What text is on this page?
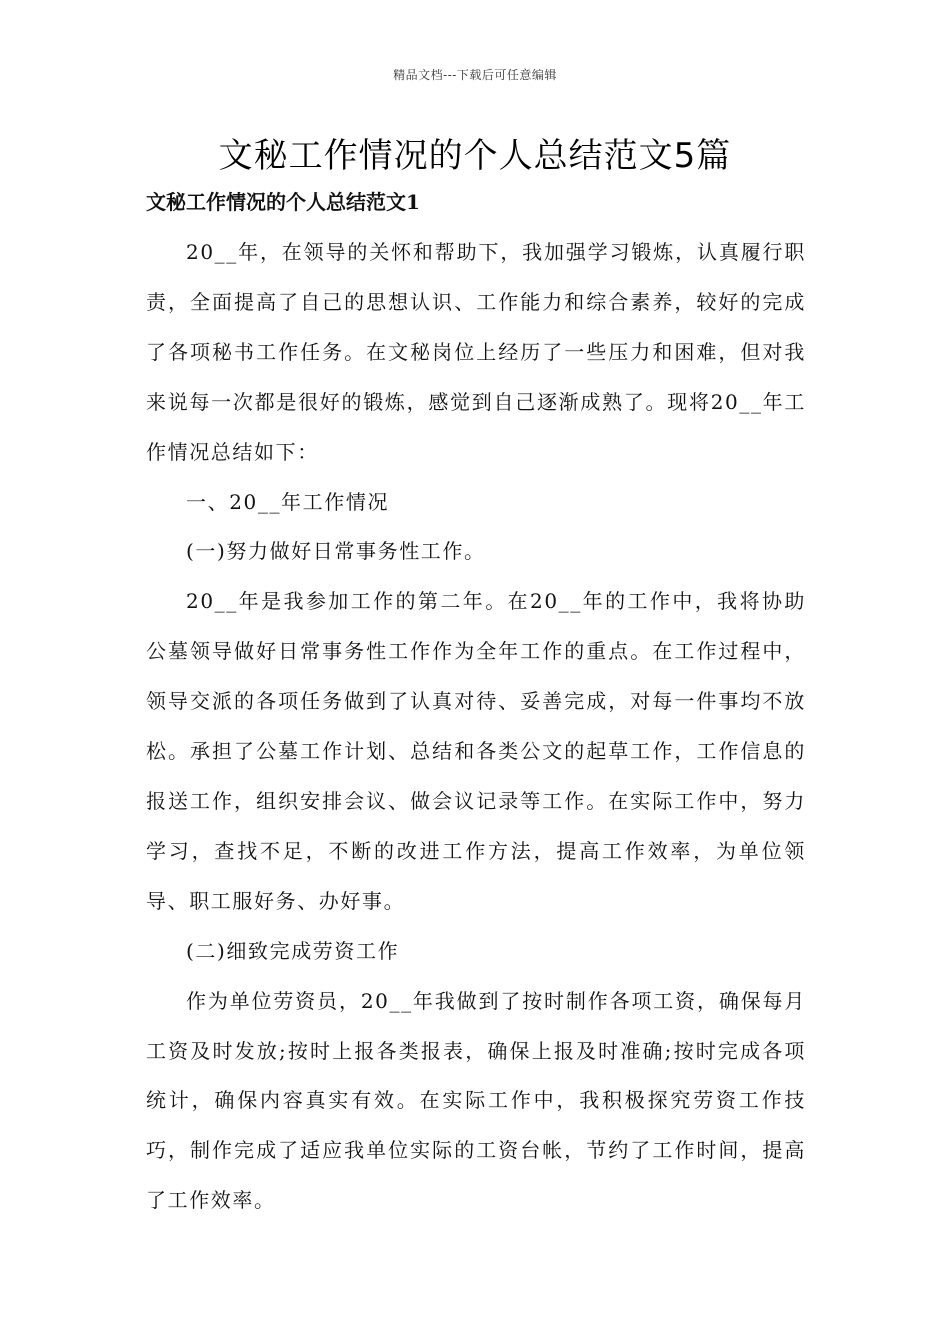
精品文档---下载后可任意编辑
文秘工作情况的个人总结范文5篇
文秘工作情况的个人总结范文1

20__年，在领导的关怀和帮助下，我加强学习锻炼，认真履行职责，全面提高了自己的思想认识、工作能力和综合素养，较好的完成了各项秘书工作任务。在文秘岗位上经历了一些压力和困难，但对我来说每一次都是很好的锻炼，感觉到自己逐渐成熟了。现将20__年工作情况总结如下：

一、20__年工作情况

(一)努力做好日常事务性工作。

20__年是我参加工作的第二年。在20__年的工作中，我将协助公墓领导做好日常事务性工作作为全年工作的重点。在工作过程中，领导交派的各项任务做到了认真对待、妥善完成，对每一件事均不放松。承担了公墓工作计划、总结和各类公文的起草工作，工作信息的报送工作，组织安排会议、做会议记录等工作。在实际工作中，努力学习，查找不足，不断的改进工作方法，提高工作效率，为单位领导、职工服好务、办好事。

(二)细致完成劳资工作

作为单位劳资员，20__年我做到了按时制作各项工资，确保每月工资及时发放;按时上报各类报表，确保上报及时准确;按时完成各项统计，确保内容真实有效。在实际工作中，我积极探究劳资工作技巧，制作完成了适应我单位实际的工资台帐，节约了工作时间，提高了工作效率。
